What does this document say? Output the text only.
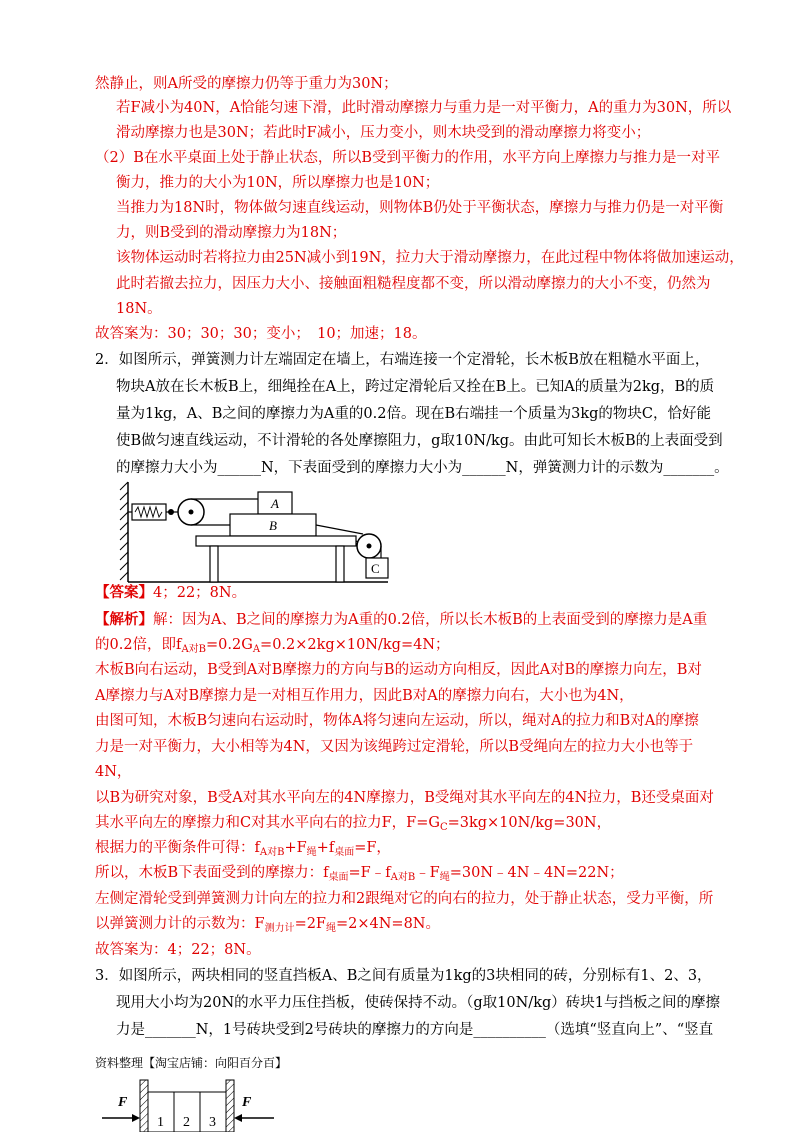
然静止，则A所受的摩擦力仍等于重力为30N；
若F减小为40N，A恰能匀速下滑，此时滑动摩擦力与重力是一对平衡力，A的重力为30N，所以
滑动摩擦力也是30N；若此时F减小，压力变小，则木块受到的滑动摩擦力将变小；
（2）B在水平桌面上处于静止状态，所以B受到平衡力的作用，水平方向上摩擦力与推力是一对平
衡力，推力的大小为10N，所以摩擦力也是10N；
当推力为18N时，物体做匀速直线运动，则物体B仍处于平衡状态，摩擦力与推力仍是一对平衡
力，则B受到的滑动摩擦力为18N；
该物体运动时若将拉力由25N减小到19N，拉力大于滑动摩擦力，在此过程中物体将做加速运动，
此时若撤去拉力，因压力大小、接触面粗糙程度都不变，所以滑动摩擦力的大小不变，仍然为
18N。
故答案为：30；30；30；变小；　10；加速；18。
2．如图所示，弹簧测力计左端固定在墙上，右端连接一个定滑轮，长木板B放在粗糙水平面上，
物块A放在长木板B上，细绳拴在A上，跨过定滑轮后又拴在B上。已知A的质量为2kg，B的质
量为1kg，A、B之间的摩擦力为A重的0.2倍。现在B右端挂一个质量为3kg的物块C，恰好能
使B做匀速直线运动，不计滑轮的各处摩擦阻力，g取10N/kg。由此可知长木板B的上表面受到
的摩擦力大小为______N，下表面受到的摩擦力大小为______N，弹簧测力计的示数为_______。
A
B
C
【答案】4；22；8N。
【解析】解：因为A、B之间的摩擦力为A重的0.2倍，所以长木板B的上表面受到的摩擦力是A重
的0.2倍，即$f_{A对B}=0.2G_A=0.2\times 2kg\times 10N/kg=4N$；
木板B向右运动，B受到A对B摩擦力的方向与B的运动方向相反，因此A对B的摩擦力向左，B对
A摩擦力与A对B摩擦力是一对相互作用力，因此B对A的摩擦力向右，大小也为4N，
由图可知，木板B匀速向右运动时，物体A将匀速向左运动，所以，绳对A的拉力和B对A的摩擦
力是一对平衡力，大小相等为4N，又因为该绳跨过定滑轮，所以B受绳向左的拉力大小也等于
4N，
以B为研究对象，B受A对其水平向左的4N摩擦力，B受绳对其水平向左的4N拉力，B还受桌面对
其水平向左的摩擦力和C对其水平向右的拉力F，$F=G_C=3kg\times 10N/kg=30N$，
根据力的平衡条件可得：$f_{A对B}+F_绳+f_{桌面}=F$，
所以，木板B下表面受到的摩擦力：$f_{桌面}=F﹣f_{A对B}﹣F_绳=30N﹣4N﹣4N=22N$；
左侧定滑轮受到弹簧测力计向左的拉力和2跟绳对它的向右的拉力，处于静止状态，受力平衡，所
以弹簧测力计的示数为：$F_{测力计}=2F_绳=2\times 4N=8N$。
故答案为：4；22；8N。
3．如图所示，两块相同的竖直挡板A、B之间有质量为1kg的3块相同的砖，分别标有1、2、3，
现用大小均为20N的水平力压住挡板，使砖保持不动。（g取10N/kg）砖块1与挡板之间的摩擦
力是_______N，1号砖块受到2号砖块的摩擦力的方向是__________（选填“竖直向上”、“竖直
资料整理【淘宝店铺：向阳百分百】
F
1 2 3
F
